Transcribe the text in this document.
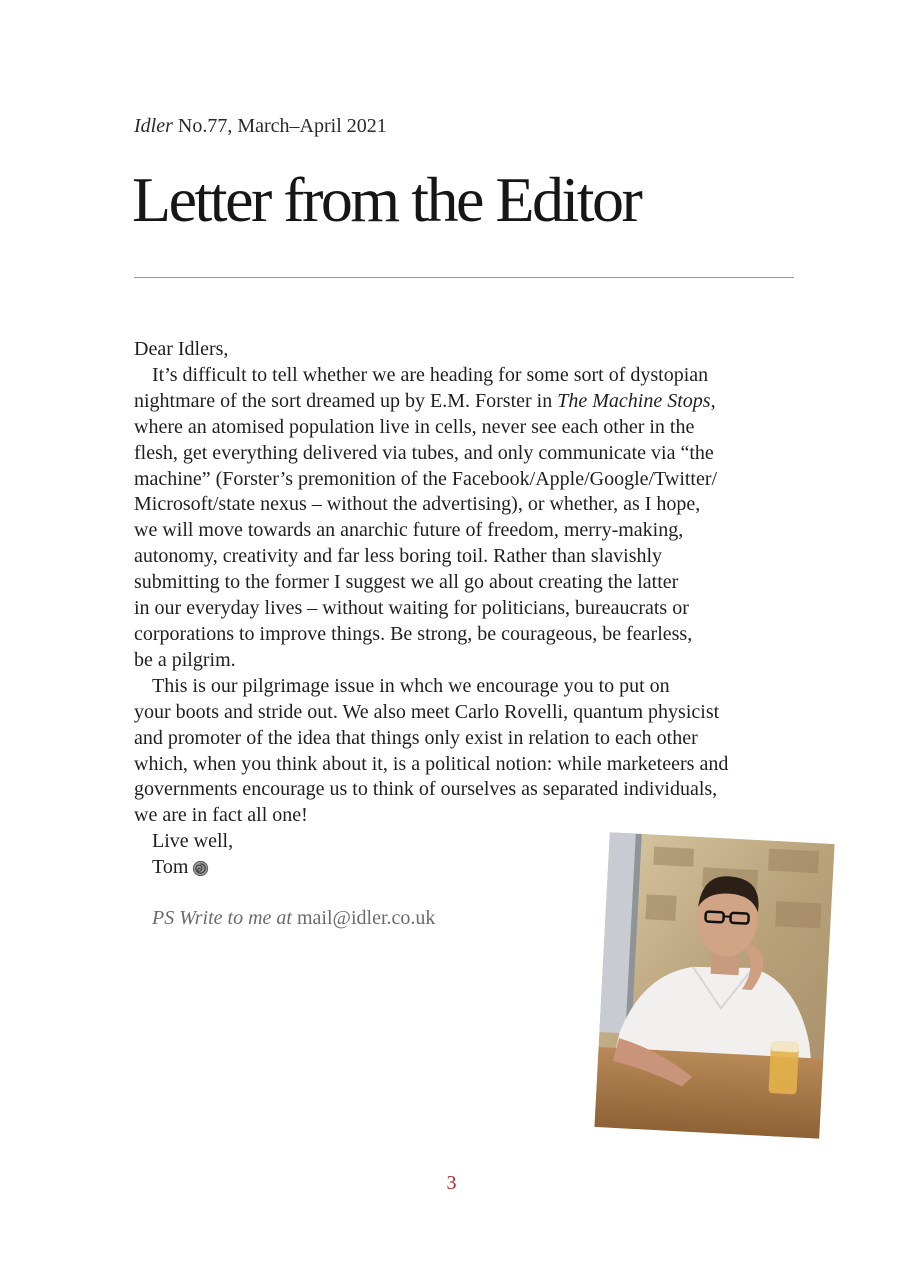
Idler No.77, March–April 2021
Letter from the Editor
Dear Idlers,
It’s difficult to tell whether we are heading for some sort of dystopian
nightmare of the sort dreamed up by E.M. Forster in The Machine Stops,
where an atomised population live in cells, never see each other in the
flesh, get everything delivered via tubes, and only communicate via “the
machine” (Forster’s premonition of the Facebook/Apple/Google/Twitter/
Microsoft/state nexus – without the advertising), or whether, as I hope,
we will move towards an anarchic future of freedom, merry-making,
autonomy, creativity and far less boring toil. Rather than slavishly
submitting to the former I suggest we all go about creating the latter
in our everyday lives – without waiting for politicians, bureaucrats or
corporations to improve things. Be strong, be courageous, be fearless,
be a pilgrim.
This is our pilgrimage issue in whch we encourage you to put on
your boots and stride out. We also meet Carlo Rovelli, quantum physicist
and promoter of the idea that things only exist in relation to each other
which, when you think about it, is a political notion: while marketeers and
governments encourage us to think of ourselves as separated individuals,
we are in fact all one!
Live well,
Tom
PS Write to me at mail@idler.co.uk
3
